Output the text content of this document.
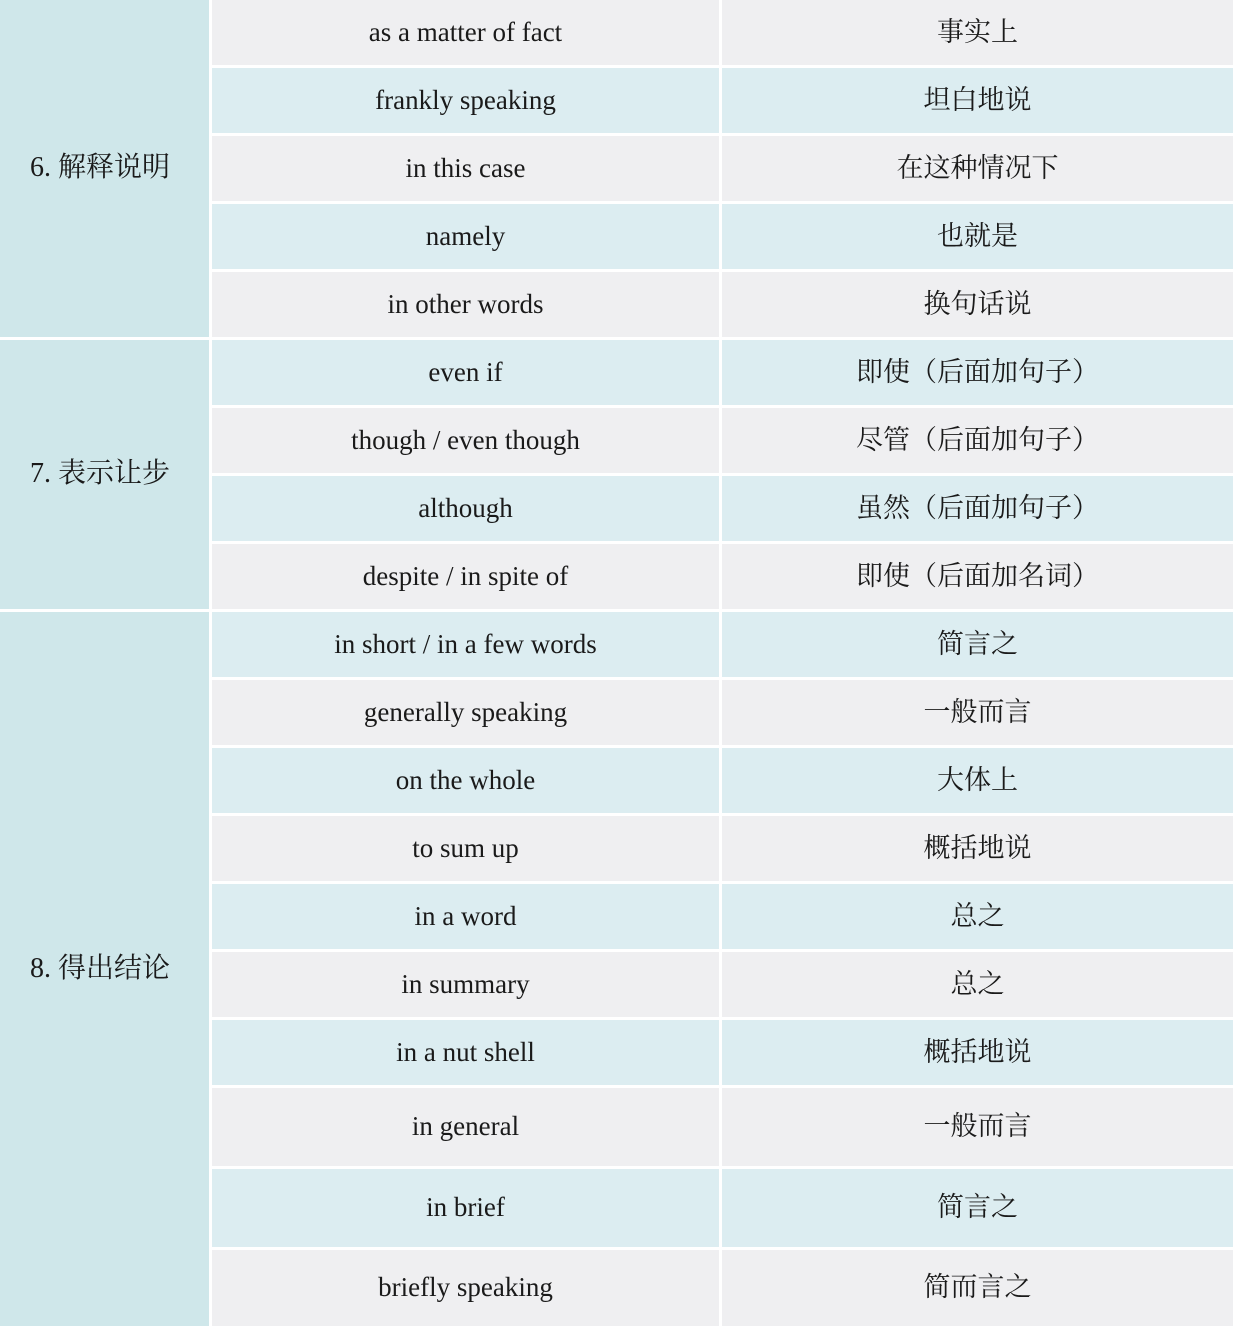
6. 解释说明	as a matter of fact	事实上
	frankly speaking	坦白地说
	in this case	在这种情况下
	namely	也就是
	in other words	换句话说
7. 表示让步	even if	即使（后面加句子）
	though / even though	尽管（后面加句子）
	although	虽然（后面加句子）
	despite / in spite of	即使（后面加名词）
8. 得出结论	in short / in a few words	简言之
	generally speaking	一般而言
	on the whole	大体上
	to sum up	概括地说
	in a word	总之
	in summary	总之
	in a nut shell	概括地说
	in general	一般而言
	in brief	简言之
	briefly speaking	简而言之
